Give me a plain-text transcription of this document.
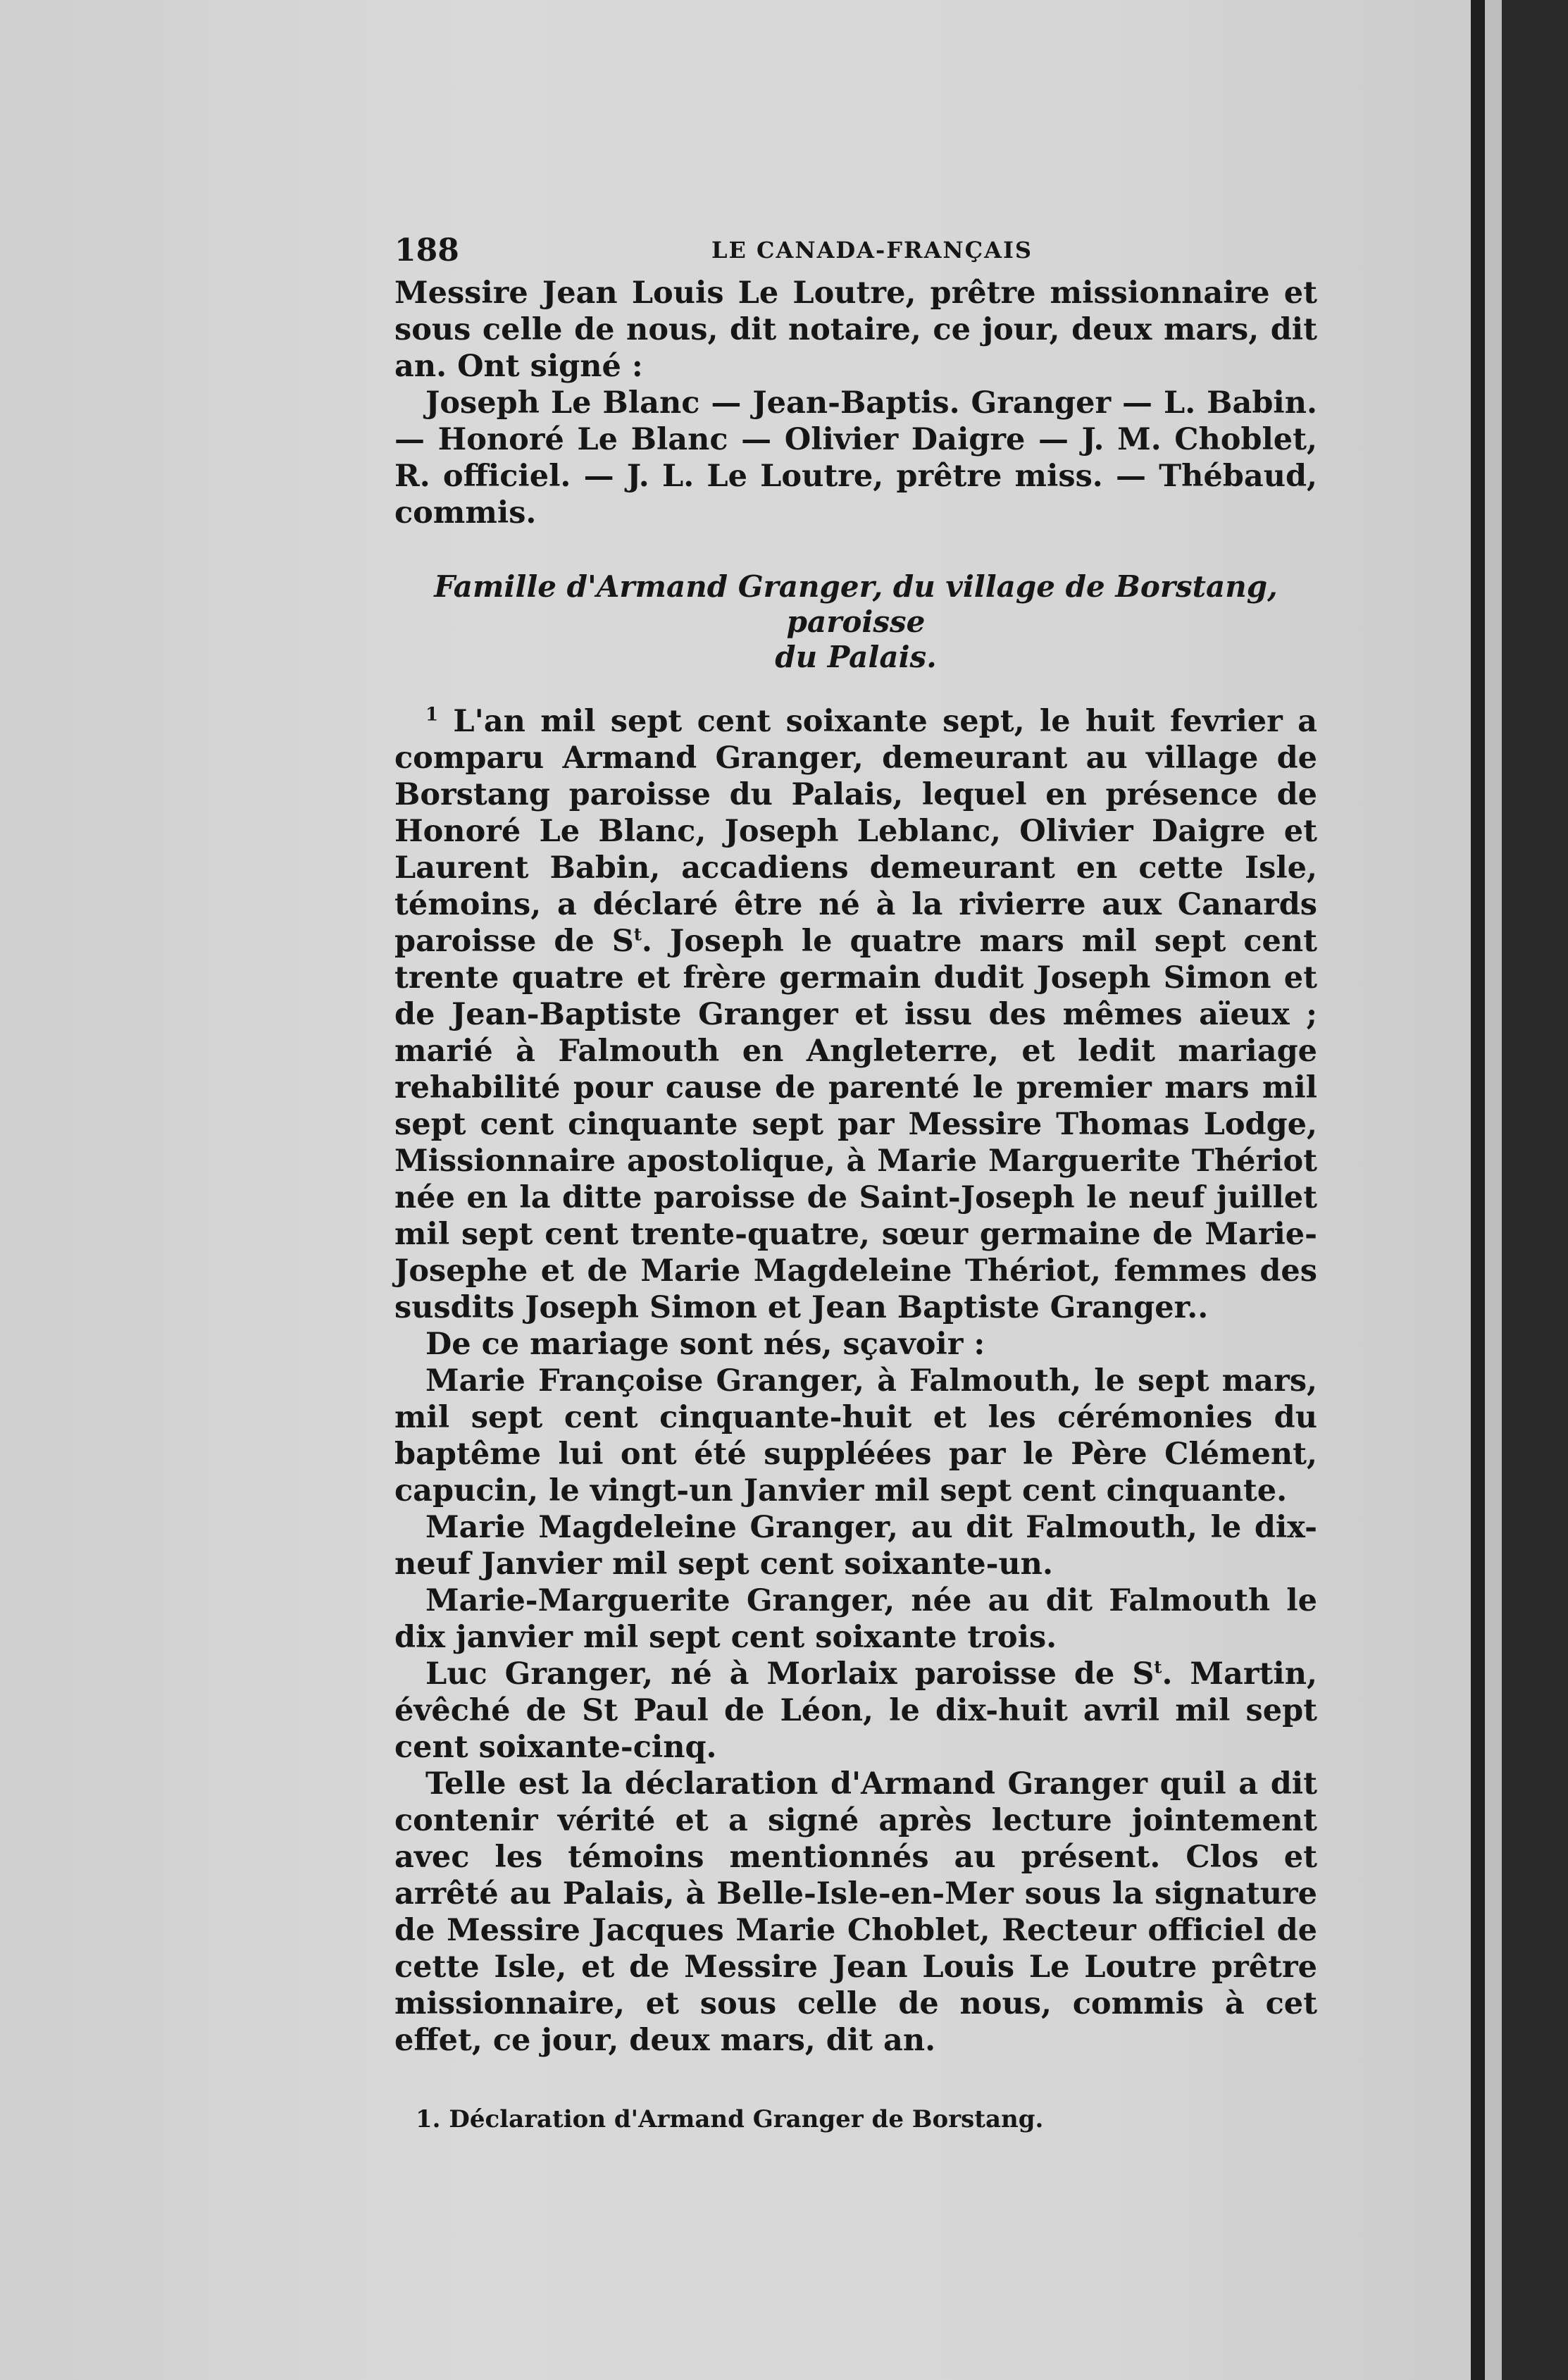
188	LE CANADA-FRANÇAIS

Messire Jean Louis Le Loutre, prêtre missionnaire et sous celle de nous, dit notaire, ce jour, deux mars, dit an. Ont signé :

Joseph Le Blanc — Jean-Baptis. Granger — L. Babin. — Honoré Le Blanc — Olivier Daigre — J. M. Choblet, R. officiel. — J. L. Le Loutre, prêtre miss. — Thébaud, commis.

Famille d'Armand Granger, du village de Borstang, paroisse
du Palais.

$^1$ L'an mil sept cent soixante sept, le huit fevrier a comparu Armand Granger, demeurant au village de Borstang paroisse du Palais, lequel en présence de Honoré Le Blanc, Joseph Leblanc, Olivier Daigre et Laurent Babin, accadiens demeurant en cette Isle, témoins, a déclaré être né à la rivierre aux Canards paroisse de $S^t$. Joseph le quatre mars mil sept cent trente quatre et frère germain dudit Joseph Simon et de Jean-Baptiste Granger et issu des mêmes aïeux ; marié à Falmouth en Angleterre, et ledit mariage rehabilité pour cause de parenté le premier mars mil sept cent cinquante sept par Messire Thomas Lodge, Missionnaire apostolique, à Marie Marguerite Thériot née en la ditte paroisse de Saint-Joseph le neuf juillet mil sept cent trente-quatre, sœur germaine de Marie-Josephe et de Marie Magdeleine Thériot, femmes des susdits Joseph Simon et Jean Baptiste Granger..

De ce mariage sont nés, sçavoir :

Marie Françoise Granger, à Falmouth, le sept mars, mil sept cent cinquante-huit et les cérémonies du baptême lui ont été suppléées par le Père Clément, capucin, le vingt-un Janvier mil sept cent cinquante.

Marie Magdeleine Granger, au dit Falmouth, le dix-neuf Janvier mil sept cent soixante-un.

Marie-Marguerite Granger, née au dit Falmouth le dix janvier mil sept cent soixante trois.

Luc Granger, né à Morlaix paroisse de $S^t$. Martin, évêché de St Paul de Léon, le dix-huit avril mil sept cent soixante-cinq.

Telle est la déclaration d'Armand Granger quil a dit contenir vérité et a signé après lecture jointement avec les témoins mentionnés au présent. Clos et arrêté au Palais, à Belle-Isle-en-Mer sous la signature de Messire Jacques Marie Choblet, Recteur officiel de cette Isle, et de Messire Jean Louis Le Loutre prêtre missionnaire, et sous celle de nous, commis à cet effet, ce jour, deux mars, dit an.

1. Déclaration d'Armand Granger de Borstang.
